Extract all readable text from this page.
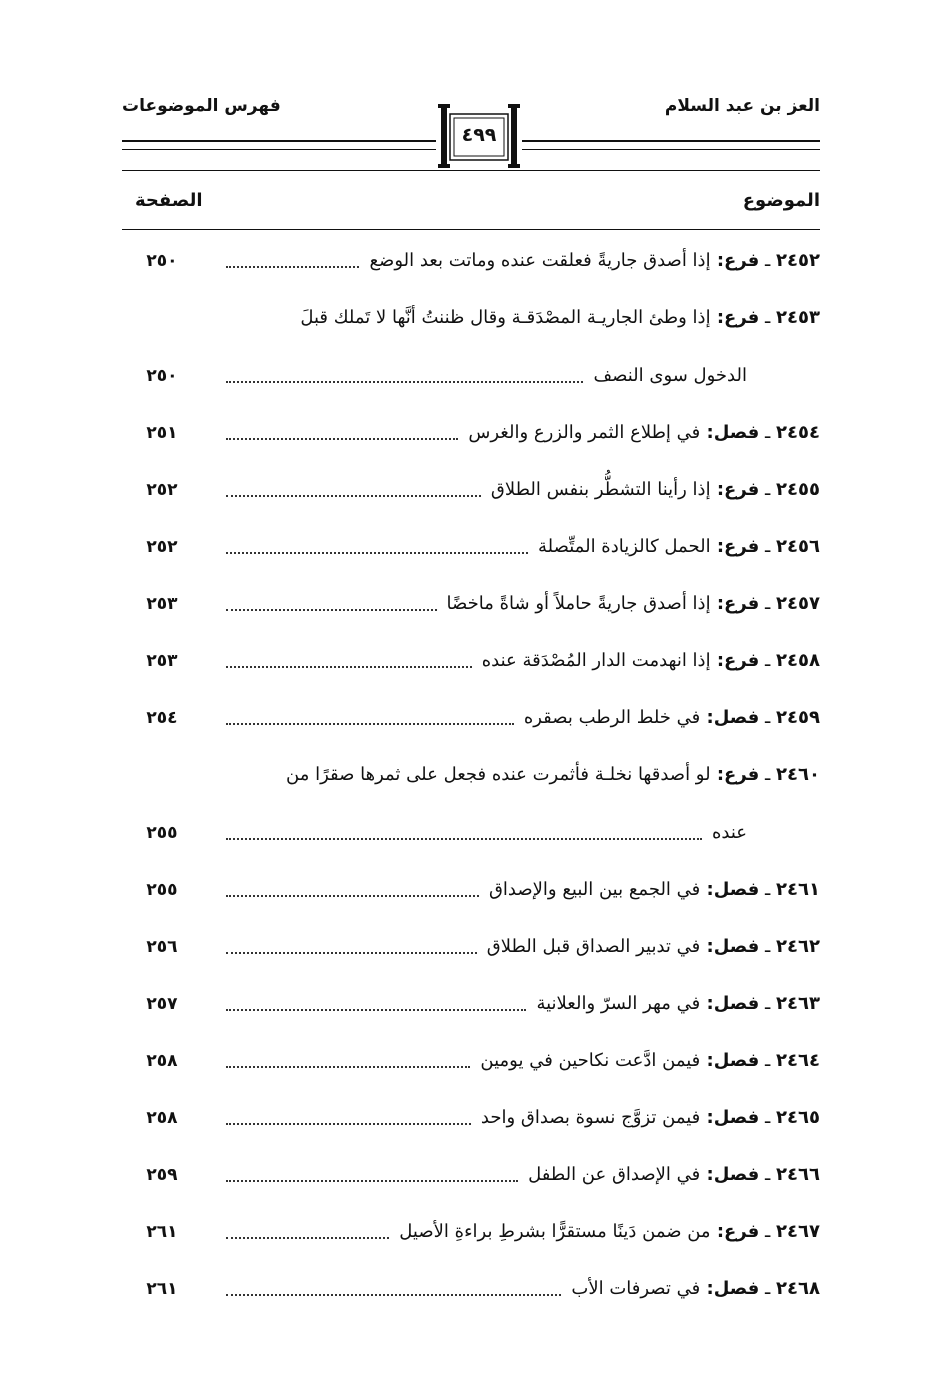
العز بن عبد السلام
فهرس الموضوعات
٤٩٩
الموضوع
الصفحة
٢٤٥٢ ـ فرع: إذا أصدق جاريةً فعلقت عنده وماتت بعد الوضع
٢٥٠
٢٤٥٣ ـ فرع: إذا وطئ الجاريـة المصْدَقـة وقال ظننتُ أنَّها لا تَملك قبلَ
الدخول سوى النصف
٢٥٠
٢٤٥٤ ـ فصل: في إطلاع الثمر والزرع والغرس
٢٥١
٢٤٥٥ ـ فرع: إذا رأينا التشطُّر بنفس الطلاق
٢٥٢
٢٤٥٦ ـ فرع: الحمل كالزيادة المتِّصلة
٢٥٢
٢٤٥٧ ـ فرع: إذا أصدق جاريةً حاملاً أو شاةً ماخضًا
٢٥٣
٢٤٥٨ ـ فرع: إذا انهدمت الدار المُصْدَقة عنده
٢٥٣
٢٤٥٩ ـ فصل: في خلط الرطب بصقره
٢٥٤
٢٤٦٠ ـ فرع: لو أصدقها نخلـة فأثمرت عنده فجعل على ثمرها صقرًا من
عنده
٢٥٥
٢٤٦١ ـ فصل: في الجمع بين البيع والإصداق
٢٥٥
٢٤٦٢ ـ فصل: في تدبير الصداق قبل الطلاق
٢٥٦
٢٤٦٣ ـ فصل: في مهر السرّ والعلانية
٢٥٧
٢٤٦٤ ـ فصل: فيمن ادَّعت نكاحين في يومين
٢٥٨
٢٤٦٥ ـ فصل: فيمن تزوَّج نسوة بصداق واحد
٢٥٨
٢٤٦٦ ـ فصل: في الإصداق عن الطفل
٢٥٩
٢٤٦٧ ـ فرع: من ضمن دَينًا مستقرًّا بشرطِ براءةِ الأصيل
٢٦١
٢٤٦٨ ـ فصل: في تصرفات الأب
٢٦١
